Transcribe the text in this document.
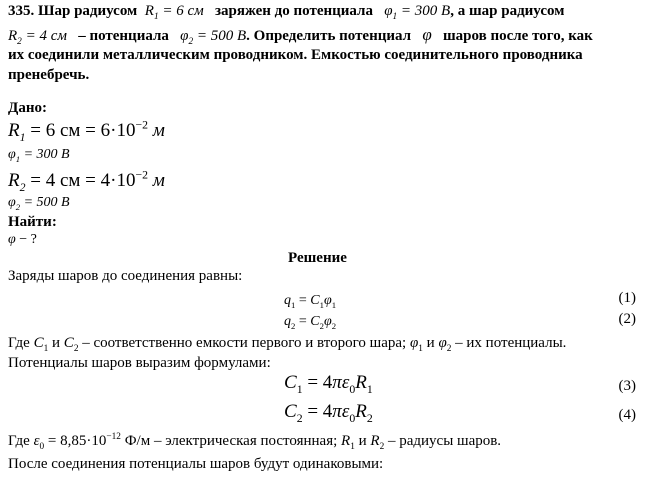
335. Шар радиусом $R_1 = 6$ см заряжен до потенциала $\varphi_1 = 300$ В, а шар радиусом
$R_2 = 4$ см – потенциала $\varphi_2 = 500$ В. Определить потенциал φ шаров после того, как
их соединили металлическим проводником. Емкостью соединительного проводника
пренебречь.
Дано:
$R_1 = 6$ см = $6\cdot 10^{-2}$ м
$\varphi_1 = 300$ В
$R_2 = 4$ см = $4\cdot 10^{-2}$ м
$\varphi_2 = 500$ В
Найти:
φ − ?
Решение
Заряды шаров до соединения равны:
$q_1 = C_1\varphi_1$	(1)
$q_2 = C_2\varphi_2$	(2)
Где $C_1$ и $C_2$ – соответственно емкости первого и второго шара; $\varphi_1$ и $\varphi_2$ – их потенциалы.
Потенциалы шаров выразим формулами:
$C_1 = 4\pi\varepsilon_0R_1$	(3)
$C_2 = 4\pi\varepsilon_0R_2$	(4)
Где $\varepsilon_0 = 8,85\cdot 10^{-12}$ Ф/м – электрическая постоянная; $R_1$ и $R_2$ – радиусы шаров.
После соединения потенциалы шаров будут одинаковыми:
